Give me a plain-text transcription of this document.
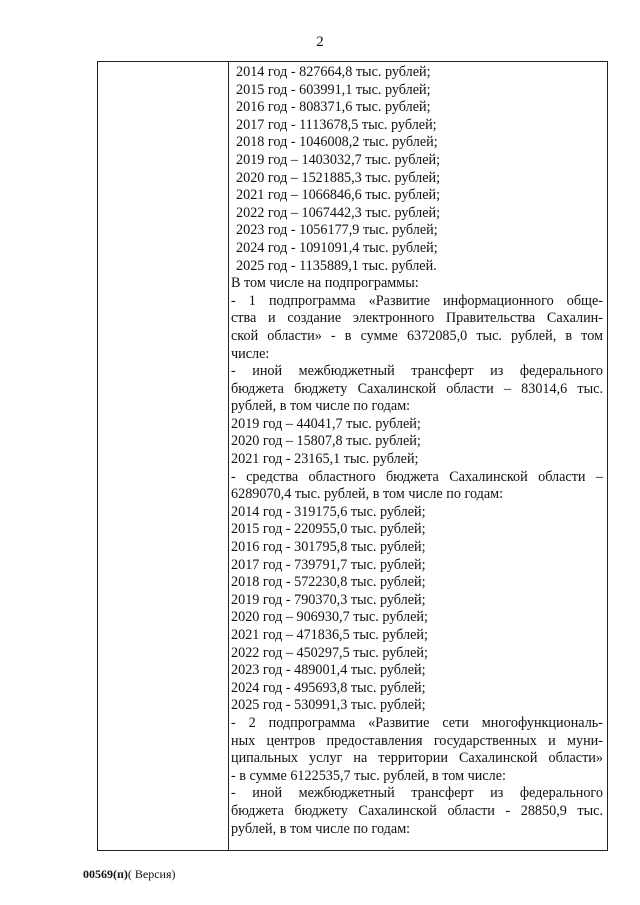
2
2014 год - 827664,8 тыс. рублей;
2015 год - 603991,1 тыс. рублей;
2016 год - 808371,6 тыс. рублей;
2017 год - 1113678,5 тыс. рублей;
2018 год - 1046008,2 тыс. рублей;
2019 год – 1403032,7 тыс. рублей;
2020 год – 1521885,3 тыс. рублей;
2021 год – 1066846,6 тыс. рублей;
2022 год – 1067442,3 тыс. рублей;
2023 год - 1056177,9 тыс. рублей;
2024 год - 1091091,4 тыс. рублей;
2025 год - 1135889,1 тыс. рублей.
В том числе на подпрограммы:
- 1 подпрограмма «Развитие информационного обще-
ства и создание электронного Правительства Сахалин-
ской области» - в сумме 6372085,0 тыс. рублей, в том
числе:
- иной межбюджетный трансферт из федерального
бюджета бюджету Сахалинской области – 83014,6 тыс.
рублей, в том числе по годам:
2019 год – 44041,7 тыс. рублей;
2020 год – 15807,8 тыс. рублей;
2021 год - 23165,1 тыс. рублей;
- средства областного бюджета Сахалинской области –
6289070,4 тыс. рублей, в том числе по годам:
2014 год - 319175,6 тыс. рублей;
2015 год - 220955,0 тыс. рублей;
2016 год - 301795,8 тыс. рублей;
2017 год - 739791,7 тыс. рублей;
2018 год - 572230,8 тыс. рублей;
2019 год - 790370,3 тыс. рублей;
2020 год – 906930,7 тыс. рублей;
2021 год – 471836,5 тыс. рублей;
2022 год – 450297,5 тыс. рублей;
2023 год - 489001,4 тыс. рублей;
2024 год - 495693,8 тыс. рублей;
2025 год - 530991,3 тыс. рублей;
- 2 подпрограмма «Развитие сети многофункциональ-
ных центров предоставления государственных и муни-
ципальных услуг на территории Сахалинской области»
- в сумме 6122535,7 тыс. рублей, в том числе:
- иной межбюджетный трансферт из федерального
бюджета бюджету Сахалинской области - 28850,9 тыс.
рублей, в том числе по годам:
00569(п)( Версия)
